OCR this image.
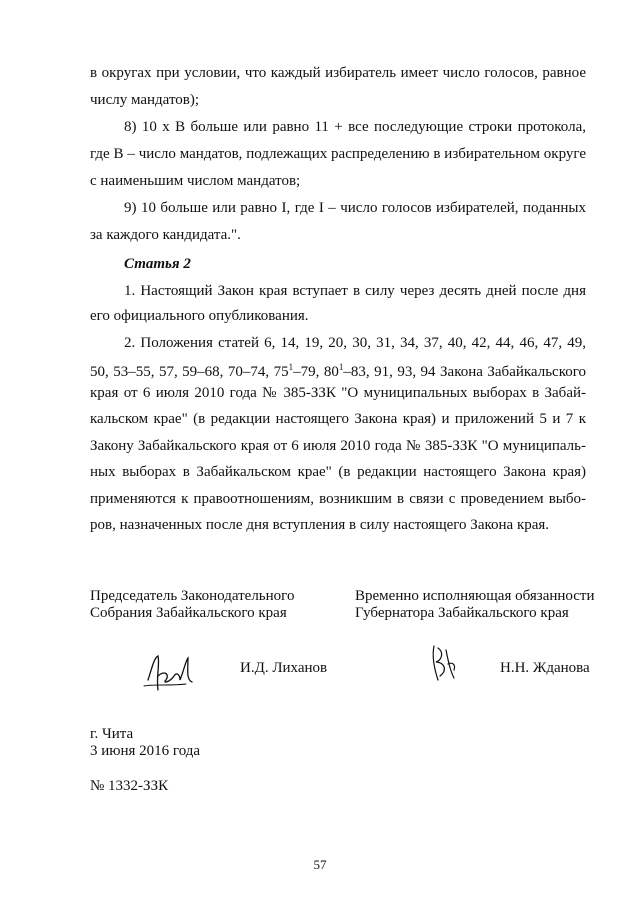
в округах при условии, что каждый избиратель имеет число голосов, равное
числу мандатов);
8) 10 x B больше или равно 11 + все последующие строки протокола,
где B – число мандатов, подлежащих распределению в избирательном округе
с наименьшим числом мандатов;
9) 10 больше или равно I, где I – число голосов избирателей, поданных
за каждого кандидата.".
Статья 2
1. Настоящий Закон края вступает в силу через десять дней после дня
его официального опубликования.
2. Положения статей 6, 14, 19, 20, 30, 31, 34, 37, 40, 42, 44, 46, 47, 49,
50, 53–55, 57, 59–68, 70–74, $75^1-79$, $80^1-83$, 91, 93, 94 Закона Забайкальского
края от 6 июля 2010 года № 385-ЗЗК "О муниципальных выборах в Забай-
кальском крае" (в редакции настоящего Закона края) и приложений 5 и 7 к
Закону Забайкальского края от 6 июля 2010 года № 385-ЗЗК "О муниципаль-
ных выборах в Забайкальском крае" (в редакции настоящего Закона края)
применяются к правоотношениям, возникшим в связи с проведением выбо-
ров, назначенных после дня вступления в силу настоящего Закона края.
Председатель Законодательного
Собрания Забайкальского края
Временно исполняющая обязанности
Губернатора Забайкальского края
И.Д. Лиханов	Н.Н. Жданова
г. Чита
3 июня 2016 года
№ 1332-ЗЗК
57
